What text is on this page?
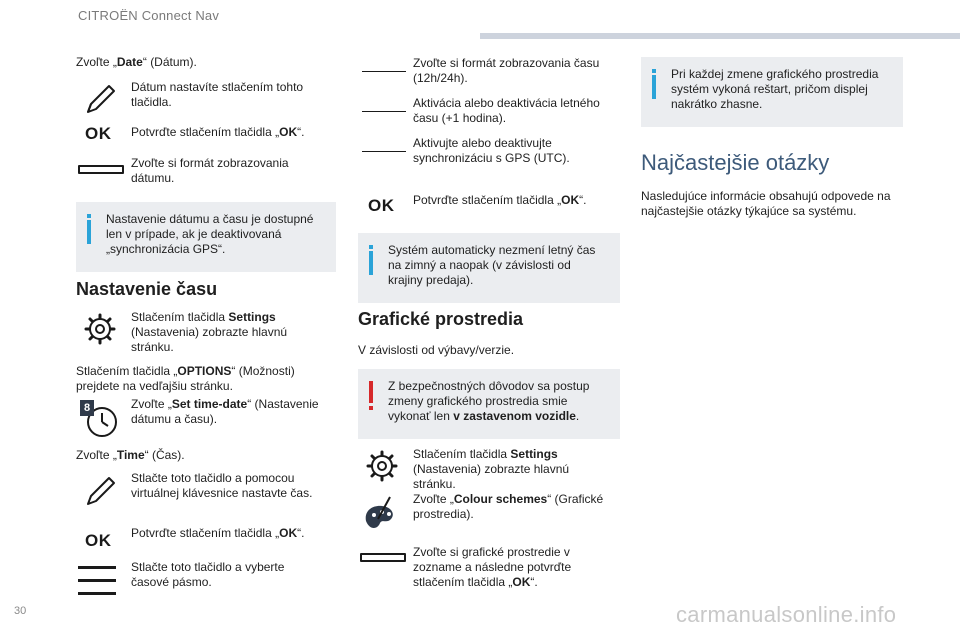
CITROËN Connect Nav
Zvoľte „Date“ (Dátum).
Dátum nastavíte stlačením tohto tlačidla.
OK Potvrďte stlačením tlačidla „OK“.
Zvoľte si formát zobrazovania dátumu.
Nastavenie dátumu a času je dostupné len v prípade, ak je deaktivovaná „synchronizácia GPS“.
Nastavenie času
Stlačením tlačidla Settings (Nastavenia) zobrazte hlavnú stránku.
Stlačením tlačidla „OPTIONS“ (Možnosti) prejdete na vedľajšiu stránku.
8	Zvoľte „Set time-date“ (Nastavenie dátumu a času).
Zvoľte „Time“ (Čas).
Stlačte toto tlačidlo a pomocou virtuálnej klávesnice nastavte čas.
OK Potvrďte stlačením tlačidla „OK“.
Stlačte toto tlačidlo a vyberte časové pásmo.
Zvoľte si formát zobrazovania času (12h/24h).
Aktivácia alebo deaktivácia letného času (+1 hodina).
Aktivujte alebo deaktivujte synchronizáciu s GPS (UTC).
OK Potvrďte stlačením tlačidla „OK“.
Systém automaticky nezmení letný čas na zimný a naopak (v závislosti od krajiny predaja).
Grafické prostredia
V závislosti od výbavy/verzie.
Z bezpečnostných dôvodov sa postup zmeny grafického prostredia smie vykonať len v zastavenom vozidle.
Stlačením tlačidla Settings (Nastavenia) zobrazte hlavnú stránku.
Zvoľte „Colour schemes“ (Grafické prostredia).
Zvoľte si grafické prostredie v zozname a následne potvrďte stlačením tlačidla „OK“.
Pri každej zmene grafického prostredia systém vykoná reštart, pričom displej nakrátko zhasne.
Najčastejšie otázky
Nasledujúce informácie obsahujú odpovede na najčastejšie otázky týkajúce sa systému.
30	carmanualsonline.info
